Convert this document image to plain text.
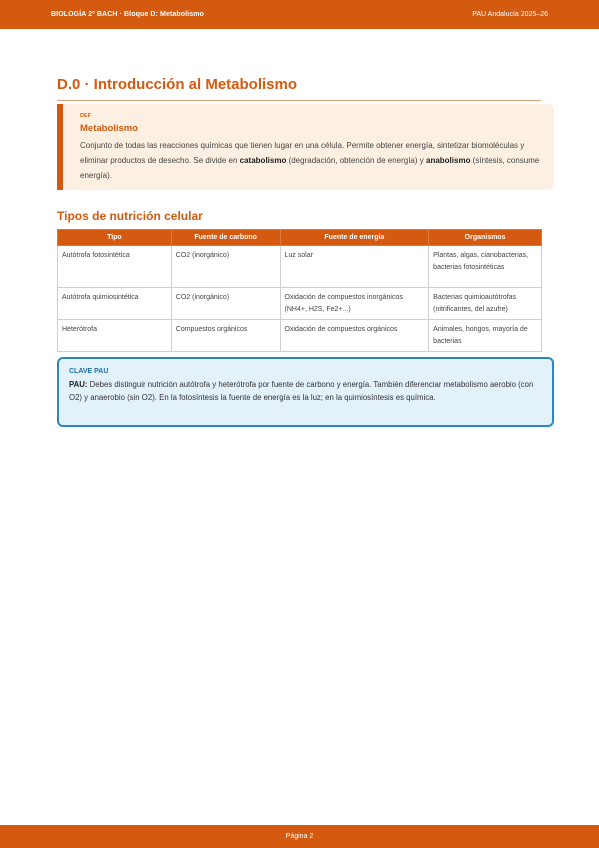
BIOLOGÍA 2º BACH · Bloque D: Metabolismo	PAU Andalucía 2025–26
D.0 · Introducción al Metabolismo
DEF
Metabolismo
Conjunto de todas las reacciones químicas que tienen lugar en una célula. Permite obtener energía, sintetizar biomoléculas y eliminar productos de desecho. Se divide en catabolismo (degradación, obtención de energía) y anabolismo (síntesis, consume energía).
Tipos de nutrición celular
Tipo	Fuente de carbono	Fuente de energía	Organismos
Autótrofa fotosintética	CO2 (inorgánico)	Luz solar	Plantas, algas, cianobacterias, bacterias fotosintéticas
Autótrofa quimiosintética	CO2 (inorgánico)	Oxidación de compuestos inorgánicos (NH4+, H2S, Fe2+...)	Bacterias quimioautótrofas (nitrificantes, del azufre)
Heterótrofa	Compuestos orgánicos	Oxidación de compuestos orgánicos	Animales, hongos, mayoría de bacterias
CLAVE PAU
PAU: Debes distinguir nutrición autótrofa y heterótrofa por fuente de carbono y energía. También diferenciar metabolismo aerobio (con O2) y anaerobio (sin O2). En la fotosíntesis la fuente de energía es la luz; en la quimiosíntesis es química.
Página 2
